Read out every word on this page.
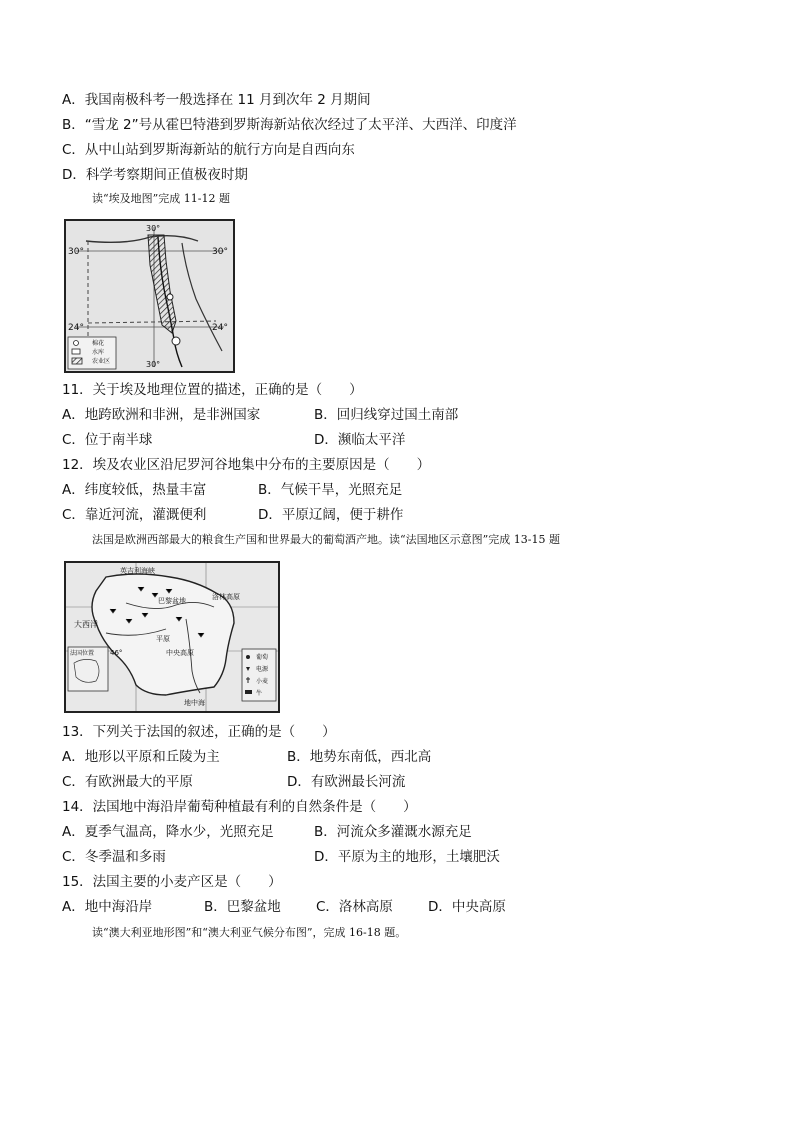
A．我国南极科考一般选择在 11 月到次年 2 月期间
B．“雪龙 2”号从霍巴特港到罗斯海新站依次经过了太平洋、大西洋、印度洋
C．从中山站到罗斯海新站的航行方向是自西向东
D．科学考察期间正值极夜时期
读“埃及地图”完成 11-12 题
30°	30°
24°	24°
30°
30°
棉花
水库
农业区
11．关于埃及地理位置的描述，正确的是（　　）
A．地跨欧洲和非洲，是非洲国家	B．回归线穿过国土南部
C．位于南半球	D．濒临太平洋
12．埃及农业区沿尼罗河谷地集中分布的主要原因是（　　）
A．纬度较低，热量丰富	B．气候干旱，光照充足
C．靠近河流，灌溉便利	D．平原辽阔，便于耕作
法国是欧洲西部最大的粮食生产国和世界最大的葡萄酒产地。读“法国地区示意图”完成 13-15 题
英吉利海峡
巴黎盆地
平原
洛林高原
中央高原
大西洋
46°
法国位置
地中海
葡萄
电源
小麦
牛
13．下列关于法国的叙述，正确的是（　　）
A．地形以平原和丘陵为主	B．地势东南低，西北高
C．有欧洲最大的平原	D．有欧洲最长河流
14．法国地中海沿岸葡萄种植最有利的自然条件是（　　）
A．夏季气温高，降水少，光照充足	B．河流众多灌溉水源充足
C．冬季温和多雨	D．平原为主的地形，土壤肥沃
15．法国主要的小麦产区是（　　）
A．地中海沿岸	B．巴黎盆地	C．洛林高原	D．中央高原
读“澳大利亚地形图”和“澳大利亚气候分布图”，完成 16-18 题。
